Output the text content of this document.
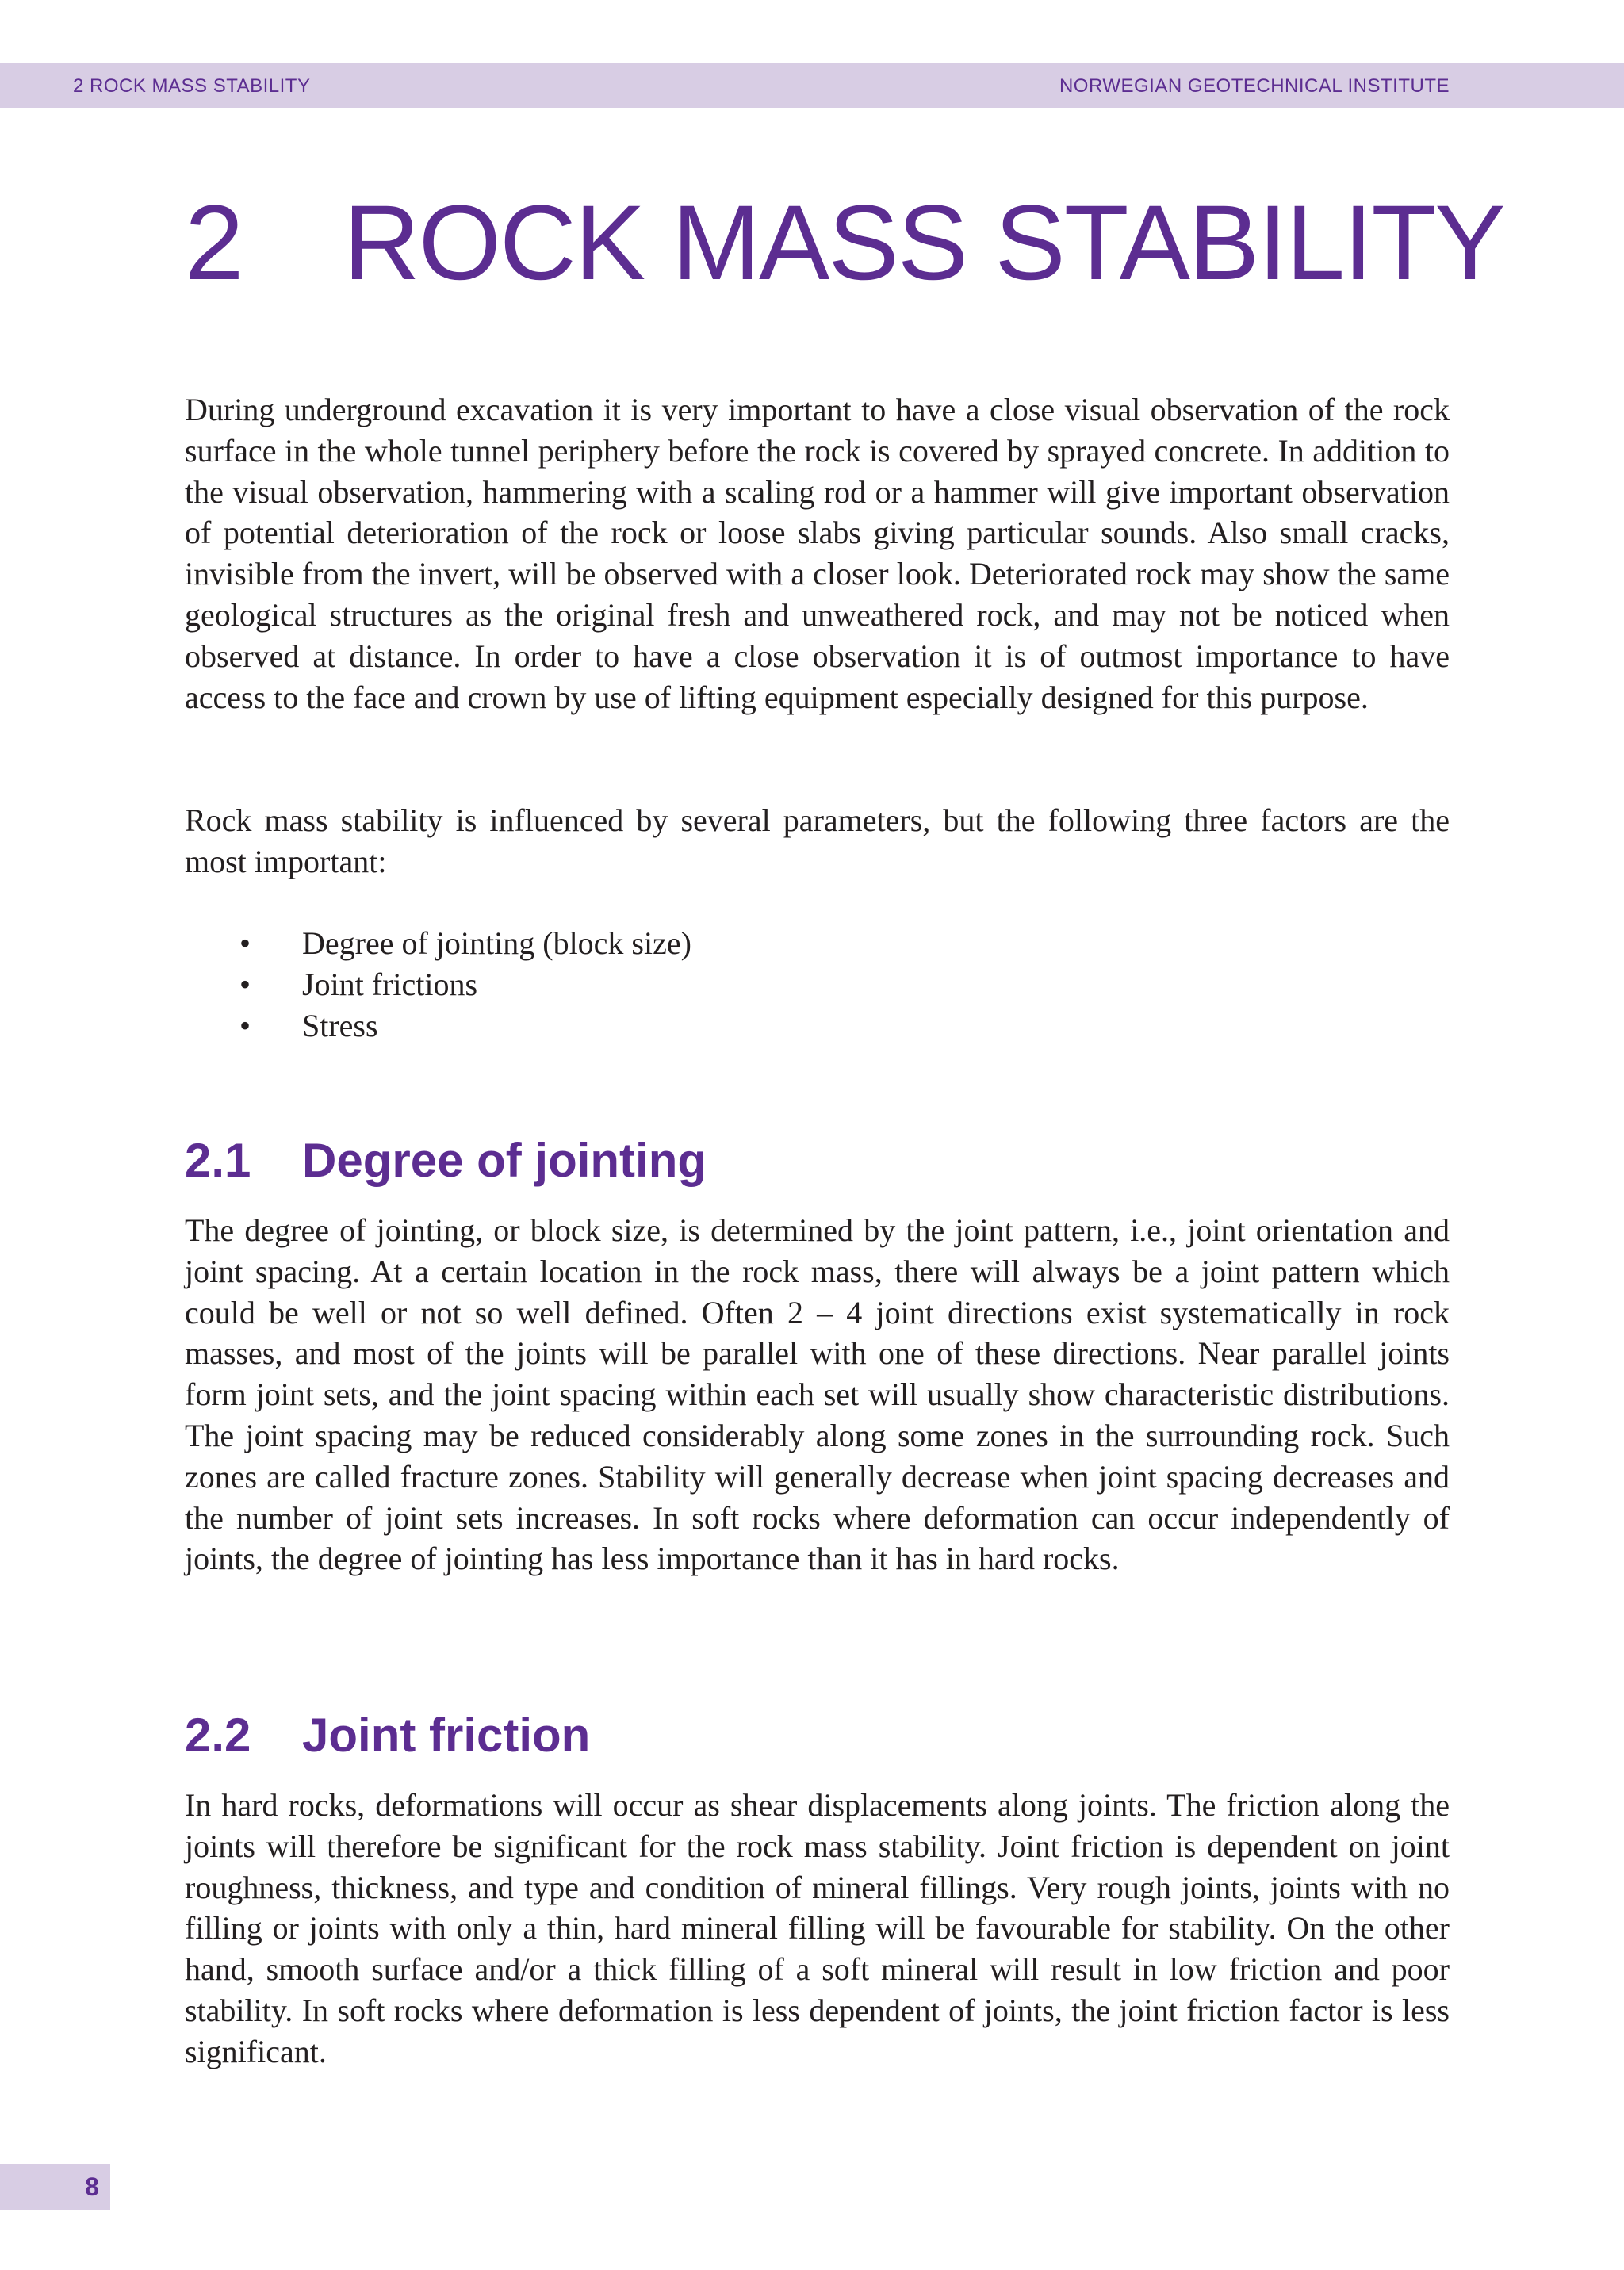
2 ROCK MASS STABILITY	NORWEGIAN GEOTECHNICAL INSTITUTE
2 ROCK MASS STABILITY

During underground excavation it is very important to have a close visual observation of the rock surface in the whole tunnel periphery before the rock is covered by sprayed concrete. In addition to the visual observation, hammering with a scaling rod or a hammer will give important observation of potential deterioration of the rock or loose slabs giving particular sounds. Also small cracks, invisible from the invert, will be observed with a closer look. Deteriorated rock may show the same geological structures as the original fresh and unweathered rock, and may not be noticed when observed at distance. In order to have a close observation it is of outmost importance to have access to the face and crown by use of lifting equipment especially designed for this purpose.

Rock mass stability is influenced by several parameters, but the following three factors are the most important:

• Degree of jointing (block size)
• Joint frictions
• Stress
2.1 Degree of jointing

The degree of jointing, or block size, is determined by the joint pattern, i.e., joint orientation and joint spacing. At a certain location in the rock mass, there will always be a joint pattern which could be well or not so well defined. Often 2 – 4 joint directions exist systematically in rock masses, and most of the joints will be parallel with one of these directions. Near parallel joints form joint sets, and the joint spacing within each set will usually show characteristic distributions. The joint spacing may be reduced considerably along some zones in the surrounding rock. Such zones are called fracture zones. Stability will generally decrease when joint spacing decreases and the number of joint sets increases. In soft rocks where deformation can occur independently of joints, the degree of jointing has less importance than it has in hard rocks.

2.2 Joint friction

In hard rocks, deformations will occur as shear displacements along joints. The friction along the joints will therefore be significant for the rock mass stability. Joint friction is dependent on joint roughness, thickness, and type and condition of mineral fillings. Very rough joints, joints with no filling or joints with only a thin, hard mineral filling will be favourable for stability. On the other hand, smooth surface and/or a thick filling of a soft mineral will result in low friction and poor stability. In soft rocks where deformation is less dependent of joints, the joint friction factor is less significant.

8
